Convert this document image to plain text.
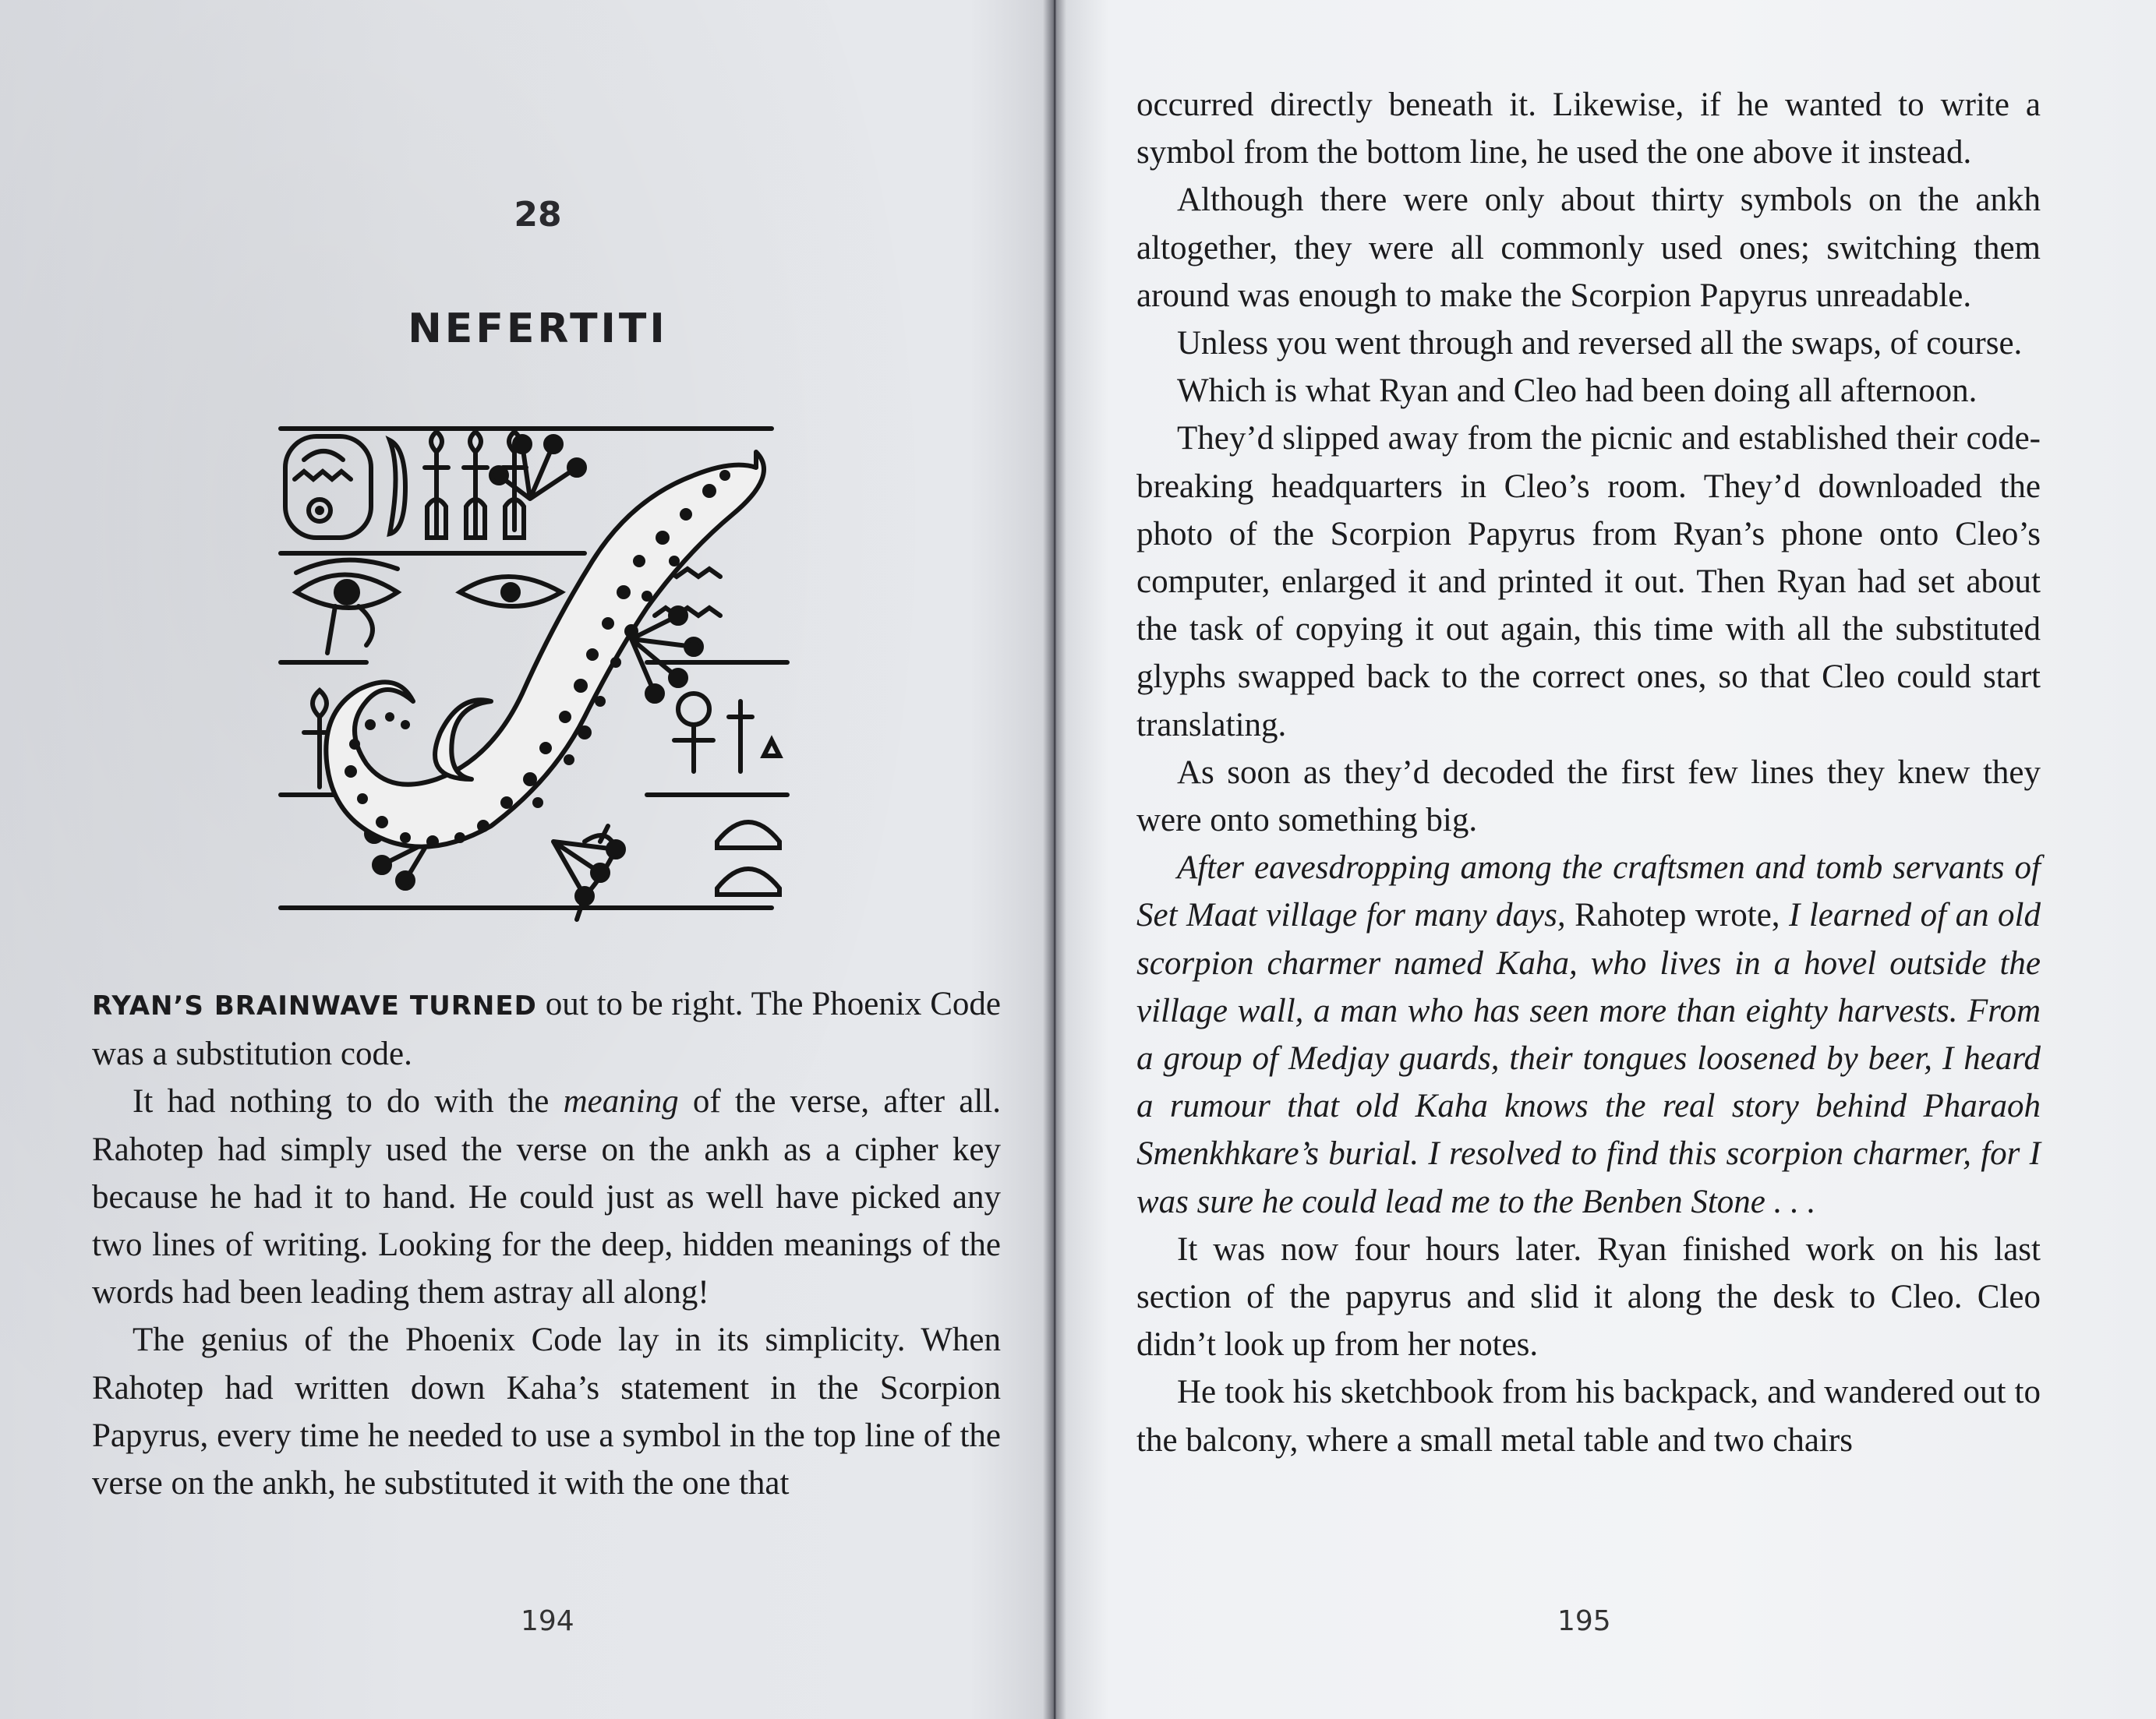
28
NEFERTITI

RYAN’S BRAINWAVE TURNED out to be right. The Phoenix Code was a substitution code.

It had nothing to do with the meaning of the verse, after all. Rahotep had simply used the verse on the ankh as a cipher key because he had it to hand. He could just as well have picked any two lines of writing. Looking for the deep, hidden meanings of the words had been leading them astray all along!

The genius of the Phoenix Code lay in its simplicity. When Rahotep had written down Kaha’s statement in the Scorpion Papyrus, every time he needed to use a symbol in the top line of the verse on the ankh, he substituted it with the one that

194	195

occurred directly beneath it. Likewise, if he wanted to write a symbol from the bottom line, he used the one above it instead.

Although there were only about thirty symbols on the ankh altogether, they were all commonly used ones; switching them around was enough to make the Scorpion Papyrus unreadable.

Unless you went through and reversed all the swaps, of course.

Which is what Ryan and Cleo had been doing all afternoon.

They’d slipped away from the picnic and established their code-breaking headquarters in Cleo’s room. They’d downloaded the photo of the Scorpion Papyrus from Ryan’s phone onto Cleo’s computer, enlarged it and printed it out. Then Ryan had set about the task of copying it out again, this time with all the substituted glyphs swapped back to the correct ones, so that Cleo could start translating.

As soon as they’d decoded the first few lines they knew they were onto something big.

After eavesdropping among the craftsmen and tomb servants of Set Maat village for many days, Rahotep wrote, I learned of an old scorpion charmer named Kaha, who lives in a hovel outside the village wall, a man who has seen more than eighty harvests. From a group of Medjay guards, their tongues loosened by beer, I heard a rumour that old Kaha knows the real story behind Pharaoh Smenkhkare’s burial. I resolved to find this scorpion charmer, for I was sure he could lead me to the Benben Stone . . .

It was now four hours later. Ryan finished work on his last section of the papyrus and slid it along the desk to Cleo. Cleo didn’t look up from her notes.

He took his sketchbook from his backpack, and wandered out to the balcony, where a small metal table and two chairs
